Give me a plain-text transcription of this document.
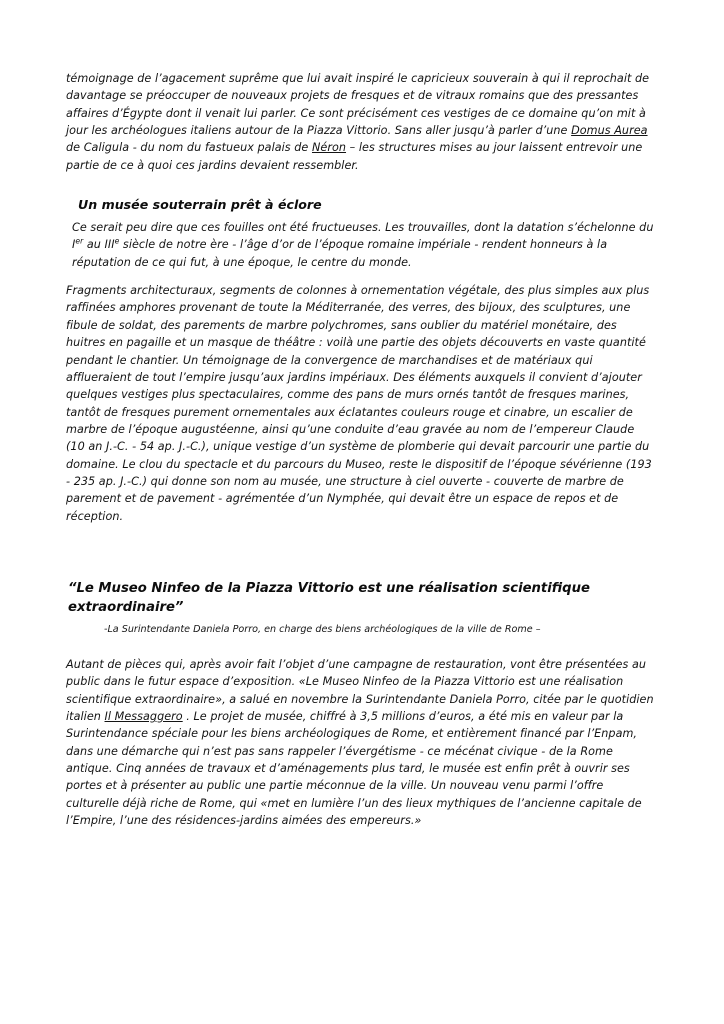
témoignage de l’agacement suprême que lui avait inspiré le capricieux souverain à qui il reprochait de davantage se préoccuper de nouveaux projets de fresques et de vitraux romains que des pressantes affaires d’Égypte dont il venait lui parler. Ce sont précisément ces vestiges de ce domaine qu’on mit à jour les archéologues italiens autour de la Piazza Vittorio. Sans aller jusqu’à parler d’une Domus Aurea de Caligula - du nom du fastueux palais de Néron – les structures mises au jour laissent entrevoir une partie de ce à quoi ces jardins devaient ressembler.

Un musée souterrain prêt à éclore

Ce serait peu dire que ces fouilles ont été fructueuses. Les trouvailles, dont la datation s’échelonne du Ier au IIIe siècle de notre ère - l’âge d’or de l’époque romaine impériale - rendent honneurs à la réputation de ce qui fut, à une époque, le centre du monde.

Fragments architecturaux, segments de colonnes à ornementation végétale, des plus simples aux plus raffinées amphores provenant de toute la Méditerranée, des verres, des bijoux, des sculptures, une fibule de soldat, des parements de marbre polychromes, sans oublier du matériel monétaire, des huitres en pagaille et un masque de théâtre : voilà une partie des objets découverts en vaste quantité pendant le chantier. Un témoignage de la convergence de marchandises et de matériaux qui afflueraient de tout l’empire jusqu’aux jardins impériaux. Des éléments auxquels il convient d’ajouter quelques vestiges plus spectaculaires, comme des pans de murs ornés tantôt de fresques marines, tantôt de fresques purement ornementales aux éclatantes couleurs rouge et cinabre, un escalier de marbre de l’époque augustéenne, ainsi qu’une conduite d’eau gravée au nom de l’empereur Claude (10 an J.-C. - 54 ap. J.-C.), unique vestige d’un système de plomberie qui devait parcourir une partie du domaine. Le clou du spectacle et du parcours du Museo, reste le dispositif de l’époque sévérienne (193 - 235 ap. J.-C.) qui donne son nom au musée, une structure à ciel ouverte - couverte de marbre de parement et de pavement - agrémentée d’un Nymphée, qui devait être un espace de repos et de réception.

“Le Museo Ninfeo de la Piazza Vittorio est une réalisation scientifique extraordinaire”

-La Surintendante Daniela Porro, en charge des biens archéologiques de la ville de Rome –

Autant de pièces qui, après avoir fait l’objet d’une campagne de restauration, vont être présentées au public dans le futur espace d’exposition. «Le Museo Ninfeo de la Piazza Vittorio est une réalisation scientifique extraordinaire», a salué en novembre la Surintendante Daniela Porro, citée par le quotidien italien Il Messaggero . Le projet de musée, chiffré à 3,5 millions d’euros, a été mis en valeur par la Surintendance spéciale pour les biens archéologiques de Rome, et entièrement financé par l’Enpam, dans une démarche qui n’est pas sans rappeler l’évergétisme - ce mécénat civique - de la Rome antique. Cinq années de travaux et d’aménagements plus tard, le musée est enfin prêt à ouvrir ses portes et à présenter au public une partie méconnue de la ville. Un nouveau venu parmi l’offre culturelle déjà riche de Rome, qui «met en lumière l’un des lieux mythiques de l’ancienne capitale de l’Empire, l’une des résidences-jardins aimées des empereurs.»
